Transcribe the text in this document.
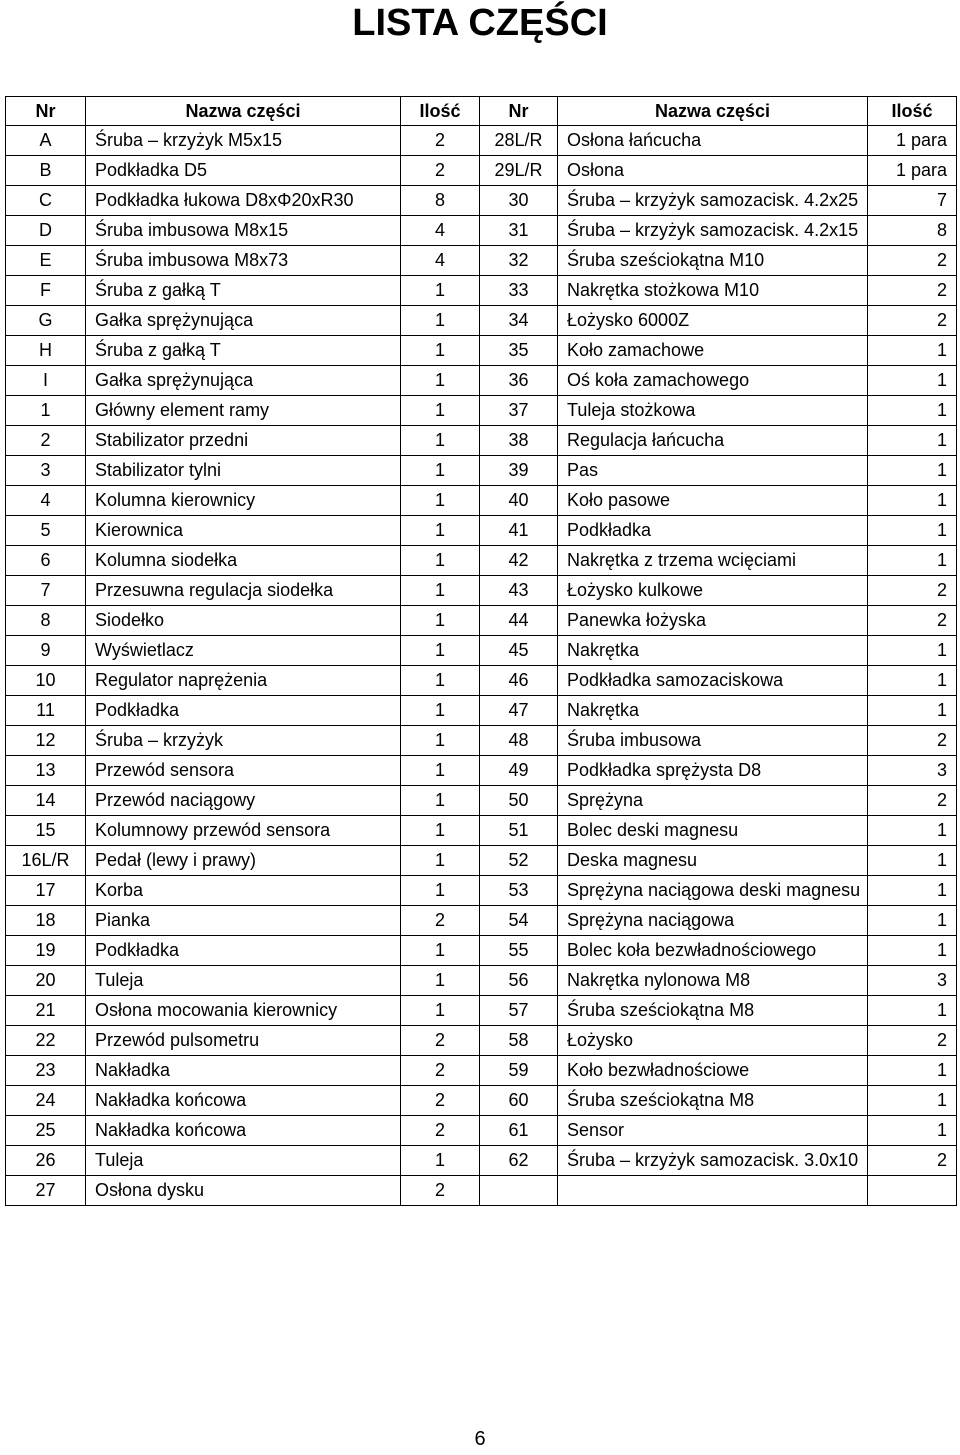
LISTA CZĘŚCI
Nr	Nazwa części	Ilość	Nr	Nazwa części	Ilość
A	Śruba – krzyżyk M5x15	2	28L/R	Osłona łańcucha	1 para
B	Podkładka D5	2	29L/R	Osłona	1 para
C	Podkładka łukowa D8xΦ20xR30	8	30	Śruba – krzyżyk samozacisk. 4.2x25	7
D	Śruba imbusowa M8x15	4	31	Śruba – krzyżyk samozacisk. 4.2x15	8
E	Śruba imbusowa M8x73	4	32	Śruba sześciokątna M10	2
F	Śruba z gałką T	1	33	Nakrętka stożkowa M10	2
G	Gałka sprężynująca	1	34	Łożysko 6000Z	2
H	Śruba z gałką T	1	35	Koło zamachowe	1
I	Gałka sprężynująca	1	36	Oś koła zamachowego	1
1	Główny element ramy	1	37	Tuleja stożkowa	1
2	Stabilizator przedni	1	38	Regulacja łańcucha	1
3	Stabilizator tylni	1	39	Pas	1
4	Kolumna kierownicy	1	40	Koło pasowe	1
5	Kierownica	1	41	Podkładka	1
6	Kolumna siodełka	1	42	Nakrętka z trzema wcięciami	1
7	Przesuwna regulacja siodełka	1	43	Łożysko kulkowe	2
8	Siodełko	1	44	Panewka łożyska	2
9	Wyświetlacz	1	45	Nakrętka	1
10	Regulator naprężenia	1	46	Podkładka samozaciskowa	1
11	Podkładka	1	47	Nakrętka	1
12	Śruba – krzyżyk	1	48	Śruba imbusowa	2
13	Przewód sensora	1	49	Podkładka sprężysta D8	3
14	Przewód naciągowy	1	50	Sprężyna	2
15	Kolumnowy przewód sensora	1	51	Bolec deski magnesu	1
16L/R	Pedał (lewy i prawy)	1	52	Deska magnesu	1
17	Korba	1	53	Sprężyna naciągowa deski magnesu	1
18	Pianka	2	54	Sprężyna naciągowa	1
19	Podkładka	1	55	Bolec koła bezwładnościowego	1
20	Tuleja	1	56	Nakrętka nylonowa M8	3
21	Osłona mocowania kierownicy	1	57	Śruba sześciokątna M8	1
22	Przewód pulsometru	2	58	Łożysko	2
23	Nakładka	2	59	Koło bezwładnościowe	1
24	Nakładka końcowa	2	60	Śruba sześciokątna M8	1
25	Nakładka końcowa	2	61	Sensor	1
26	Tuleja	1	62	Śruba – krzyżyk samozacisk. 3.0x10	2
27	Osłona dysku	2			
6
